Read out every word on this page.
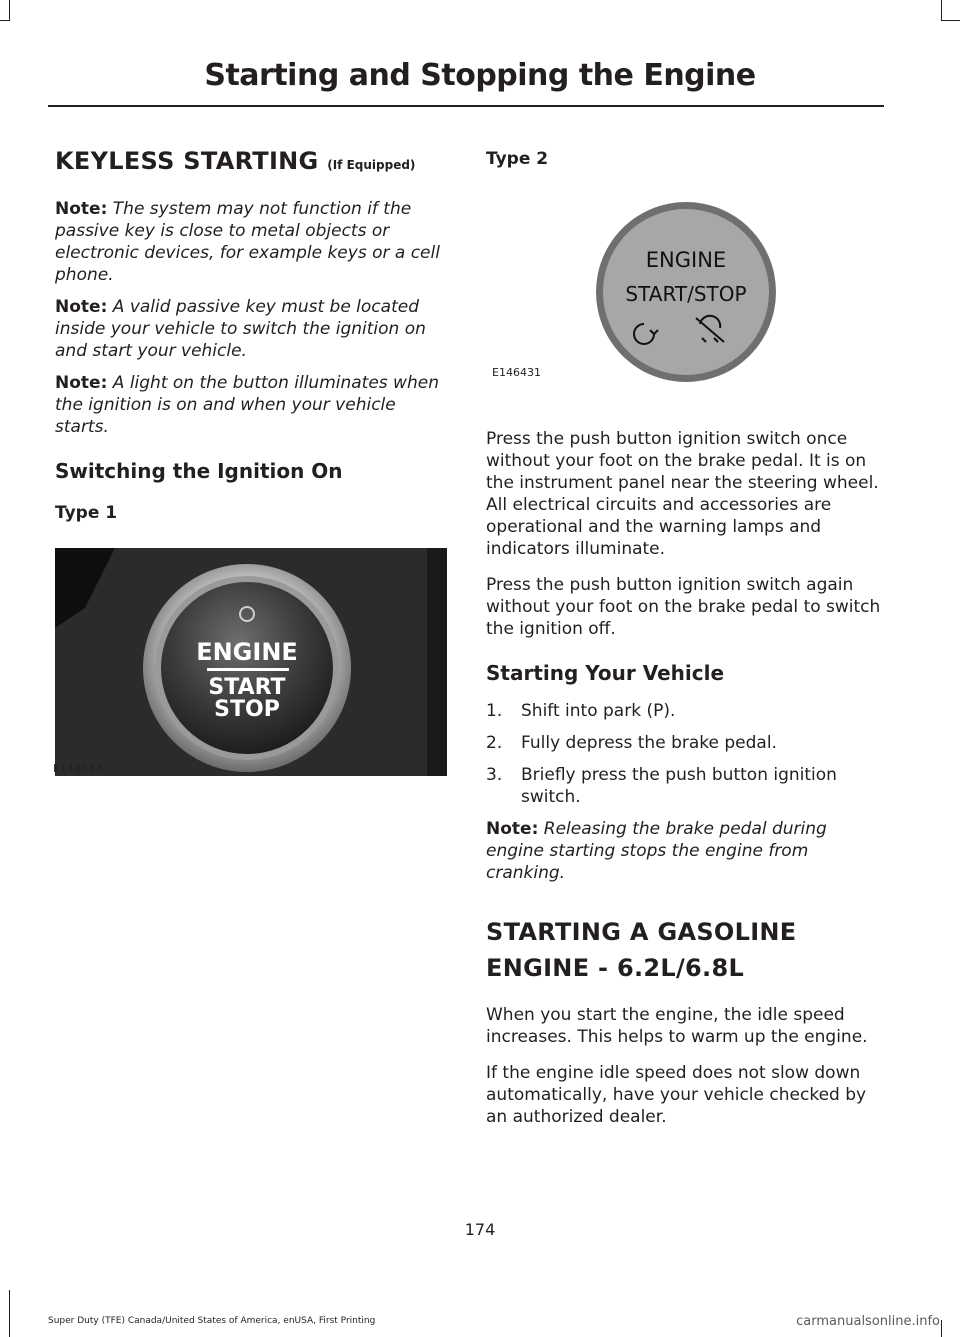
Starting and Stopping the Engine
KEYLESS STARTING (If Equipped)

Note: The system may not function if the passive key is close to metal objects or electronic devices, for example keys or a cell phone.

Note: A valid passive key must be located inside your vehicle to switch the ignition on and start your vehicle.

Note: A light on the button illuminates when the ignition is on and when your vehicle starts.

Switching the Ignition On
Type 1
ENGINE
START
STOP
E144447
Type 2
ENGINE
START/STOP
E146431

Press the push button ignition switch once without your foot on the brake pedal. It is on the instrument panel near the steering wheel. All electrical circuits and accessories are operational and the warning lamps and indicators illuminate.

Press the push button ignition switch again without your foot on the brake pedal to switch the ignition off.

Starting Your Vehicle
1. Shift into park (P).
2. Fully depress the brake pedal.
3. Briefly press the push button ignition switch.

Note: Releasing the brake pedal during engine starting stops the engine from cranking.

STARTING A GASOLINE
ENGINE - 6.2L/6.8L

When you start the engine, the idle speed increases. This helps to warm up the engine.

If the engine idle speed does not slow down automatically, have your vehicle checked by an authorized dealer.

174
Super Duty (TFE) Canada/United States of America, enUSA, First Printing	carmanualsonline.info
